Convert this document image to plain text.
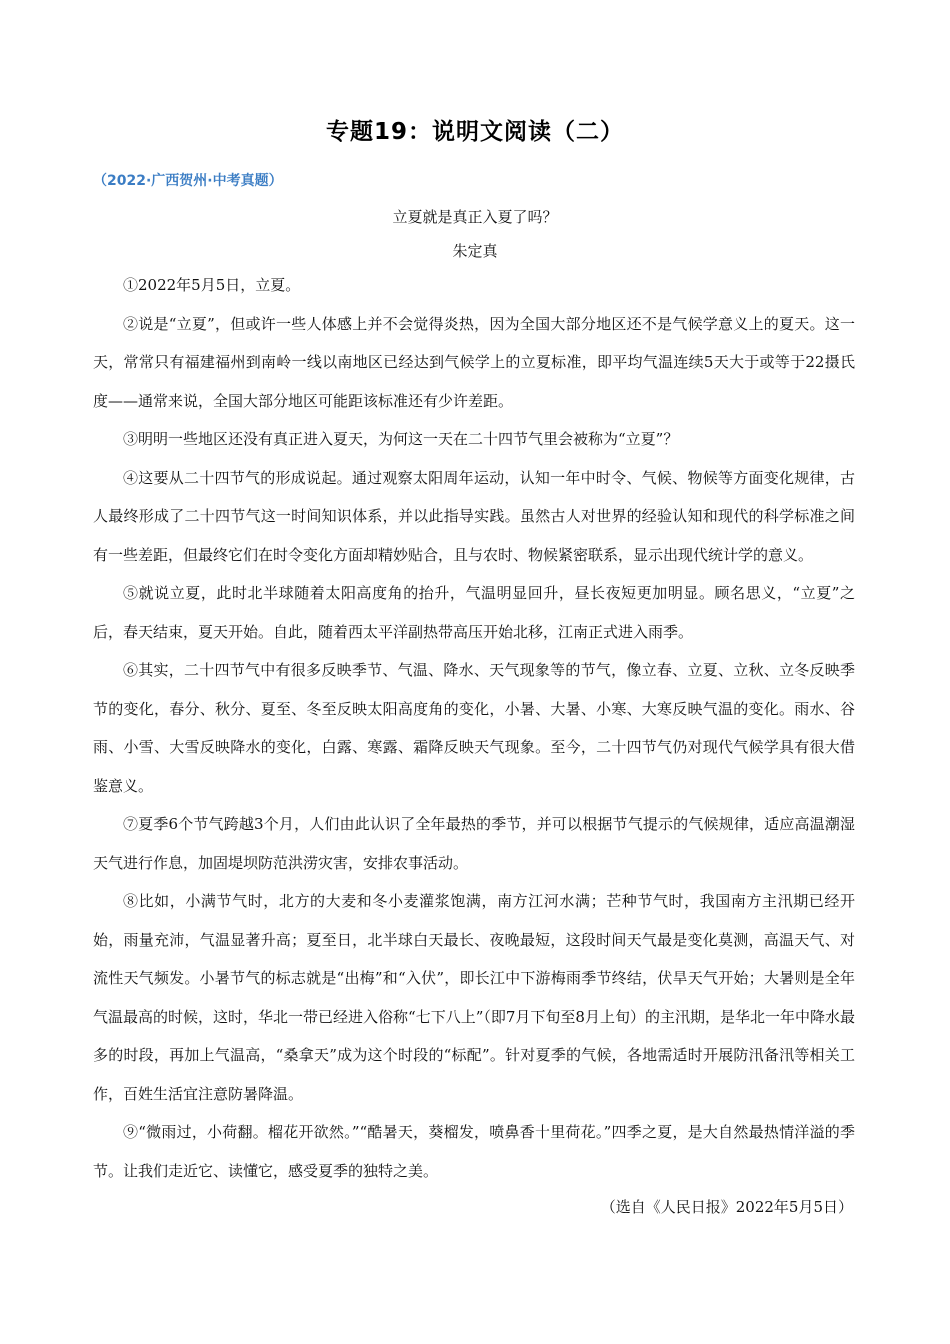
专题19：说明文阅读（二）
（2022·广西贺州·中考真题）
立夏就是真正入夏了吗？
朱定真

①2022年5月5日，立夏。

②说是“立夏”，但或许一些人体感上并不会觉得炎热，因为全国大部分地区还不是气候学意义上的夏天。这一天，常常只有福建福州到南岭一线以南地区已经达到气候学上的立夏标准，即平均气温连续5天大于或等于22摄氏度——通常来说，全国大部分地区可能距该标准还有少许差距。

③明明一些地区还没有真正进入夏天，为何这一天在二十四节气里会被称为“立夏”？

④这要从二十四节气的形成说起。通过观察太阳周年运动，认知一年中时令、气候、物候等方面变化规律，古人最终形成了二十四节气这一时间知识体系，并以此指导实践。虽然古人对世界的经验认知和现代的科学标准之间有一些差距，但最终它们在时令变化方面却精妙贴合，且与农时、物候紧密联系，显示出现代统计学的意义。

⑤就说立夏，此时北半球随着太阳高度角的抬升，气温明显回升，昼长夜短更加明显。顾名思义，“立夏”之后，春天结束，夏天开始。自此，随着西太平洋副热带高压开始北移，江南正式进入雨季。

⑥其实，二十四节气中有很多反映季节、气温、降水、天气现象等的节气，像立春、立夏、立秋、立冬反映季节的变化，春分、秋分、夏至、冬至反映太阳高度角的变化，小暑、大暑、小寒、大寒反映气温的变化。雨水、谷雨、小雪、大雪反映降水的变化，白露、寒露、霜降反映天气现象。至今，二十四节气仍对现代气候学具有很大借鉴意义。

⑦夏季6个节气跨越3个月，人们由此认识了全年最热的季节，并可以根据节气提示的气候规律，适应高温潮湿天气进行作息，加固堤坝防范洪涝灾害，安排农事活动。

⑧比如，小满节气时，北方的大麦和冬小麦灌浆饱满，南方江河水满；芒种节气时，我国南方主汛期已经开始，雨量充沛，气温显著升高；夏至日，北半球白天最长、夜晚最短，这段时间天气最是变化莫测，高温天气、对流性天气频发。小暑节气的标志就是“出梅”和“入伏”，即长江中下游梅雨季节终结，伏旱天气开始；大暑则是全年气温最高的时候，这时，华北一带已经进入俗称“七下八上”（即7月下旬至8月上旬）的主汛期，是华北一年中降水最多的时段，再加上气温高，“桑拿天”成为这个时段的“标配”。针对夏季的气候，各地需适时开展防汛备汛等相关工作，百姓生活宜注意防暑降温。

⑨“微雨过，小荷翻。榴花开欲然。”“酷暑天，葵榴发，喷鼻香十里荷花。”四季之夏，是大自然最热情洋溢的季节。让我们走近它、读懂它，感受夏季的独特之美。

（选自《人民日报》2022年5月5日）
